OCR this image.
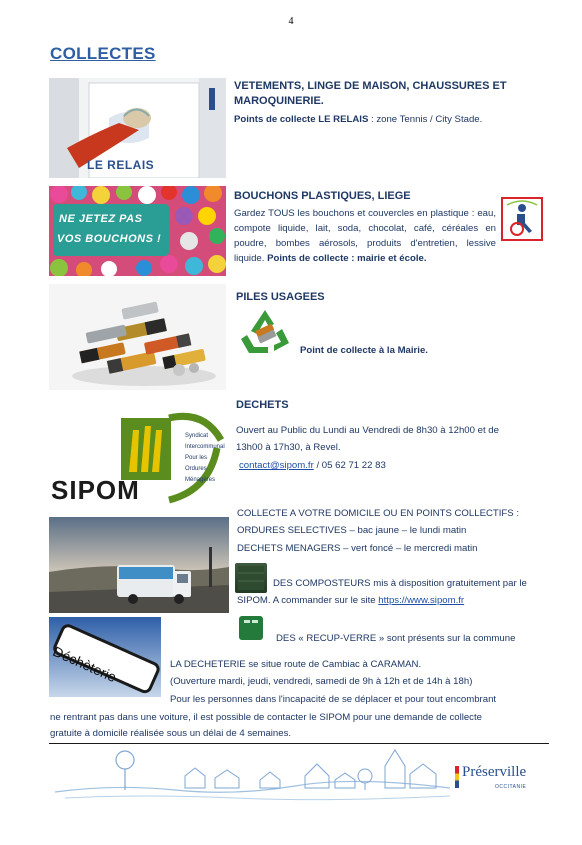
4
COLLECTES
LE RELAIS
VETEMENTS, LINGE DE MAISON, CHAUSSURES ET MAROQUINERIE.
Points de collecte LE RELAIS : zone Tennis / City Stade.
NE JETEZ PAS
VOS BOUCHONS !
BOUCHONS PLASTIQUES, LIEGE
Gardez TOUS les bouchons et couvercles en plastique : eau, compote liquide, lait, soda, chocolat, café, céréales en poudre, bombes aérosols, produits d'entretien, lessive liquide. Points de collecte : mairie et école.
PILES USAGEES
Point de collecte à la Mairie.
SIPOM
Syndicat
Intercommunal
Pour les
Ordures
Ménagères
DECHETS
Ouvert au Public du Lundi au Vendredi de 8h30 à 12h00 et de
13h00 à 17h30, à Revel.
contact@sipom.fr / 05 62 71 22 83
COLLECTE A VOTRE DOMICILE OU EN POINTS COLLECTIFS :
ORDURES SELECTIVES – bac jaune – le lundi matin
DECHETS MENAGERS – vert foncé – le mercredi matin
DES COMPOSTEURS mis à disposition gratuitement par le
SIPOM. A commander sur le site https://www.sipom.fr
DES « RECUP-VERRE » sont présents sur la commune
Déchèterie	LA DECHETERIE se situe route de Cambiac à CARAMAN.
(Ouverture mardi, jeudi, vendredi, samedi de 9h à 12h et de 14h à 18h)
Pour les personnes dans l'incapacité de se déplacer et pour tout encombrant
ne rentrant pas dans une voiture, il est possible de contacter le SIPOM pour une demande de collecte
gratuite à domicile réalisée sous un délai de 4 semaines.
Préserville
OCCITANIE
